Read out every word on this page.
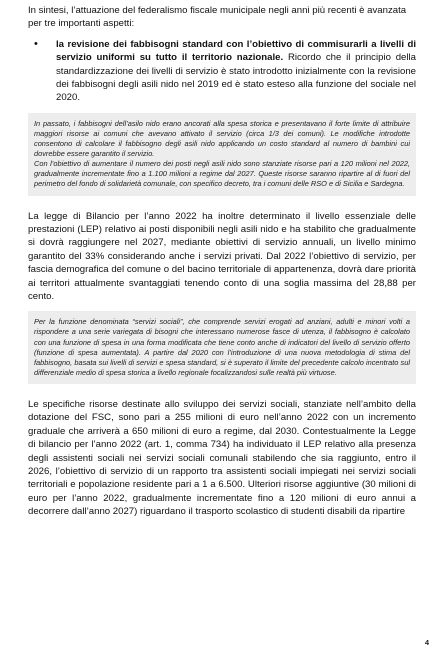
In sintesi, l’attuazione del federalismo fiscale municipale negli anni più recenti è avanzata per tre importanti aspetti:

•	la revisione dei fabbisogni standard con l’obiettivo di commisurarli a livelli di servizio uniformi su tutto il territorio nazionale. Ricordo che il principio della standardizzazione dei livelli di servizio è stato introdotto inizialmente con la revisione dei fabbisogni degli asili nido nel 2019 ed è stato esteso alla funzione del sociale nel 2020.

In passato, i fabbisogni dell’asilo nido erano ancorati alla spesa storica e presentavano il forte limite di attribuire maggiori risorse ai comuni che avevano attivato il servizio (circa 1/3 dei comuni). Le modifiche introdotte consentono di calcolare il fabbisogno degli asili nido applicando un costo standard al numero di bambini cui dovrebbe essere garantito il servizio.

Con l’obiettivo di aumentare il numero dei posti negli asili nido sono stanziate risorse pari a 120 milioni nel 2022, gradualmente incrementate fino a 1.100 milioni a regime dal 2027. Queste risorse saranno ripartire al di fuori del perimetro del fondo di solidarietà comunale, con specifico decreto, tra i comuni delle RSO e di Sicilia e Sardegna.

La legge di Bilancio per l’anno 2022 ha inoltre determinato il livello essenziale delle prestazioni (LEP) relativo ai posti disponibili negli asili nido e ha stabilito che gradualmente si dovrà raggiungere nel 2027, mediante obiettivi di servizio annuali, un livello minimo garantito del 33% considerando anche i servizi privati. Dal 2022 l’obiettivo di servizio, per fascia demografica del comune o del bacino territoriale di appartenenza, dovrà dare priorità ai territori attualmente svantaggiati tenendo conto di una soglia massima del 28,88 per cento.

Per la funzione denominata “servizi sociali”, che comprende servizi erogati ad anziani, adulti e minori volti a rispondere a una serie variegata di bisogni che interessano numerose fasce di utenza, il fabbisogno è calcolato con una funzione di spesa in una forma modificata che tiene conto anche di indicatori del livello di servizio offerto (funzione di spesa aumentata). A partire dal 2020 con l’introduzione di una nuova metodologia di stima del fabbisogno, basata sui livelli di servizi e spesa standard, si è superato il limite del precedente calcolo incentrato sul differenziale medio di spesa storica a livello regionale focalizzandosi sulle realtà più virtuose.

Le specifiche risorse destinate allo sviluppo dei servizi sociali, stanziate nell’ambito della dotazione del FSC, sono pari a 255 milioni di euro nell’anno 2022 con un incremento graduale che arriverà a 650 milioni di euro a regime, dal 2030. Contestualmente la Legge di bilancio per l’anno 2022 (art. 1, comma 734) ha individuato il LEP relativo alla presenza degli assistenti sociali nei servizi sociali comunali stabilendo che sia raggiunto, entro il 2026, l’obiettivo di servizio di un rapporto tra assistenti sociali impiegati nei servizi sociali territoriali e popolazione residente pari a 1 a 6.500. Ulteriori risorse aggiuntive (30 milioni di euro per l’anno 2022, gradualmente incrementate fino a 120 milioni di euro annui a decorrere dall’anno 2027) riguardano il trasporto scolastico di studenti disabili da ripartire

4
